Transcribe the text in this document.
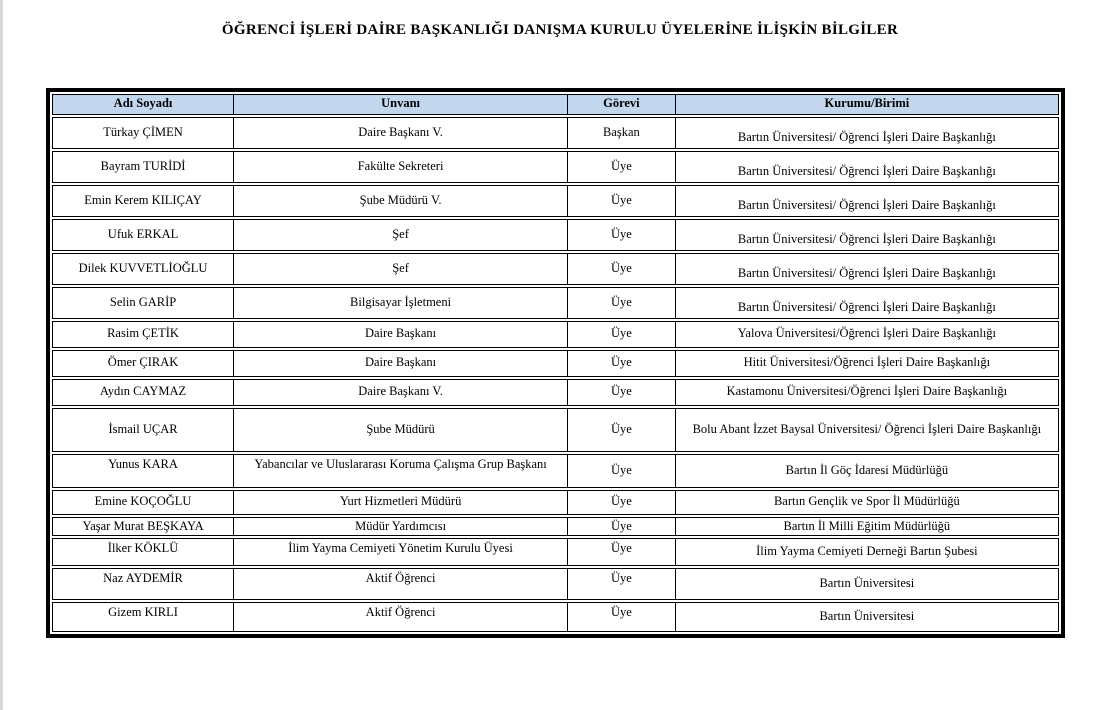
ÖĞRENCİ İŞLERİ DAİRE BAŞKANLIĞI DANIŞMA KURULU ÜYELERİNE İLİŞKİN BİLGİLER
Adı Soyadı	Unvanı	Görevi	Kurumu/Birimi
Türkay ÇİMEN	Daire Başkanı V.	Başkan	Bartın Üniversitesi/ Öğrenci İşleri Daire Başkanlığı
Bayram TURİDİ	Fakülte Sekreteri	Üye	Bartın Üniversitesi/ Öğrenci İşleri Daire Başkanlığı
Emin Kerem KILIÇAY	Şube Müdürü V.	Üye	Bartın Üniversitesi/ Öğrenci İşleri Daire Başkanlığı
Ufuk ERKAL	Şef	Üye	Bartın Üniversitesi/ Öğrenci İşleri Daire Başkanlığı
Dilek KUVVETLİOĞLU	Şef	Üye	Bartın Üniversitesi/ Öğrenci İşleri Daire Başkanlığı
Selin GARİP	Bilgisayar İşletmeni	Üye	Bartın Üniversitesi/ Öğrenci İşleri Daire Başkanlığı
Rasim ÇETİK	Daire Başkanı	Üye	Yalova Üniversitesi/Öğrenci İşleri Daire Başkanlığı
Ömer ÇIRAK	Daire Başkanı	Üye	Hitit Üniversitesi/Öğrenci İşleri Daire Başkanlığı
Aydın CAYMAZ	Daire Başkanı V.	Üye	Kastamonu Üniversitesi/Öğrenci İşleri Daire Başkanlığı
İsmail UÇAR	Şube Müdürü	Üye	Bolu Abant İzzet Baysal Üniversitesi/ Öğrenci İşleri Daire Başkanlığı
Yunus KARA	Yabancılar ve Uluslararası Koruma Çalışma Grup Başkanı	Üye	Bartın İl Göç İdaresi Müdürlüğü
Emine KOÇOĞLU	Yurt Hizmetleri Müdürü	Üye	Bartın Gençlik ve Spor İl Müdürlüğü
Yaşar Murat BEŞKAYA	Müdür Yardımcısı	Üye	Bartın İl Milli Eğitim Müdürlüğü
İlker KÖKLÜ	İlim Yayma Cemiyeti Yönetim Kurulu Üyesi	Üye	İlim Yayma Cemiyeti Derneği Bartın Şubesi
Naz AYDEMİR	Aktif Öğrenci	Üye	Bartın Üniversitesi
Gizem KIRLI	Aktif Öğrenci	Üye	Bartın Üniversitesi
